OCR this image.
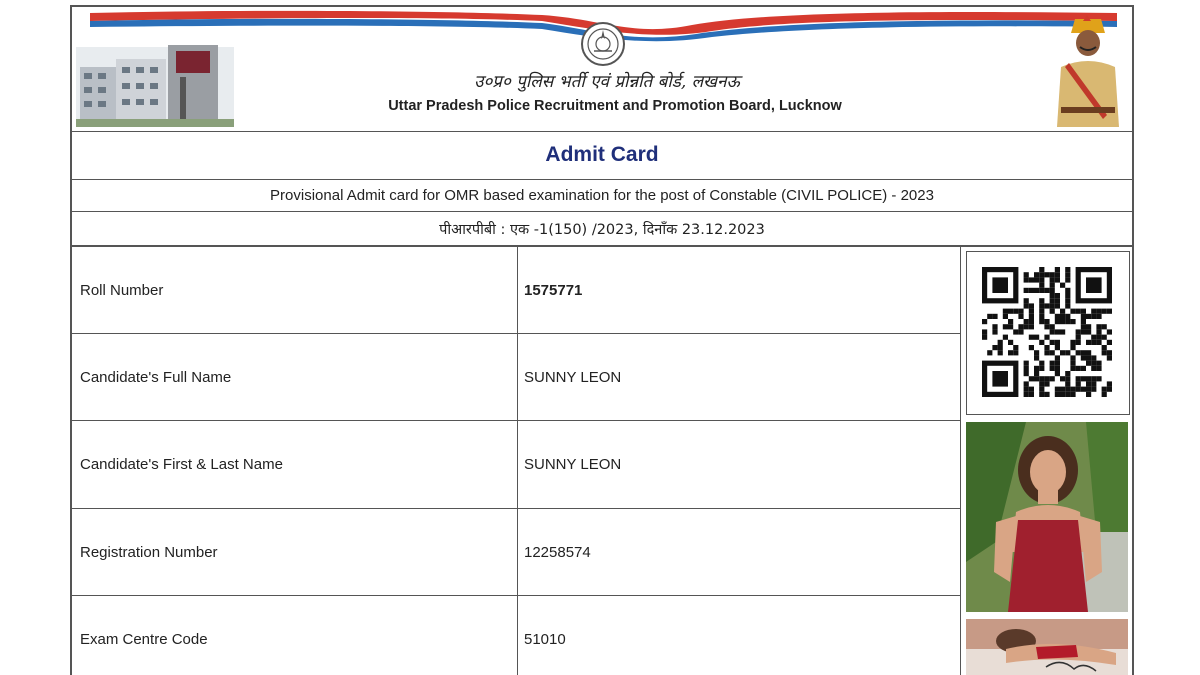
उ०प्र० पुलिस भर्ती एवं प्रोन्नति बोर्ड, लखनऊ
Uttar Pradesh Police Recruitment and Promotion Board, Lucknow
Admit Card
Provisional Admit card for OMR based examination for the post of Constable (CIVIL POLICE) - 2023
पीआरपीबी : एक -1(150) /2023, दिनाँक 23.12.2023
Roll Number	1575771
Candidate's Full Name	SUNNY LEON
Candidate's First & Last Name	SUNNY LEON
Registration Number	12258574
Exam Centre Code	51010
